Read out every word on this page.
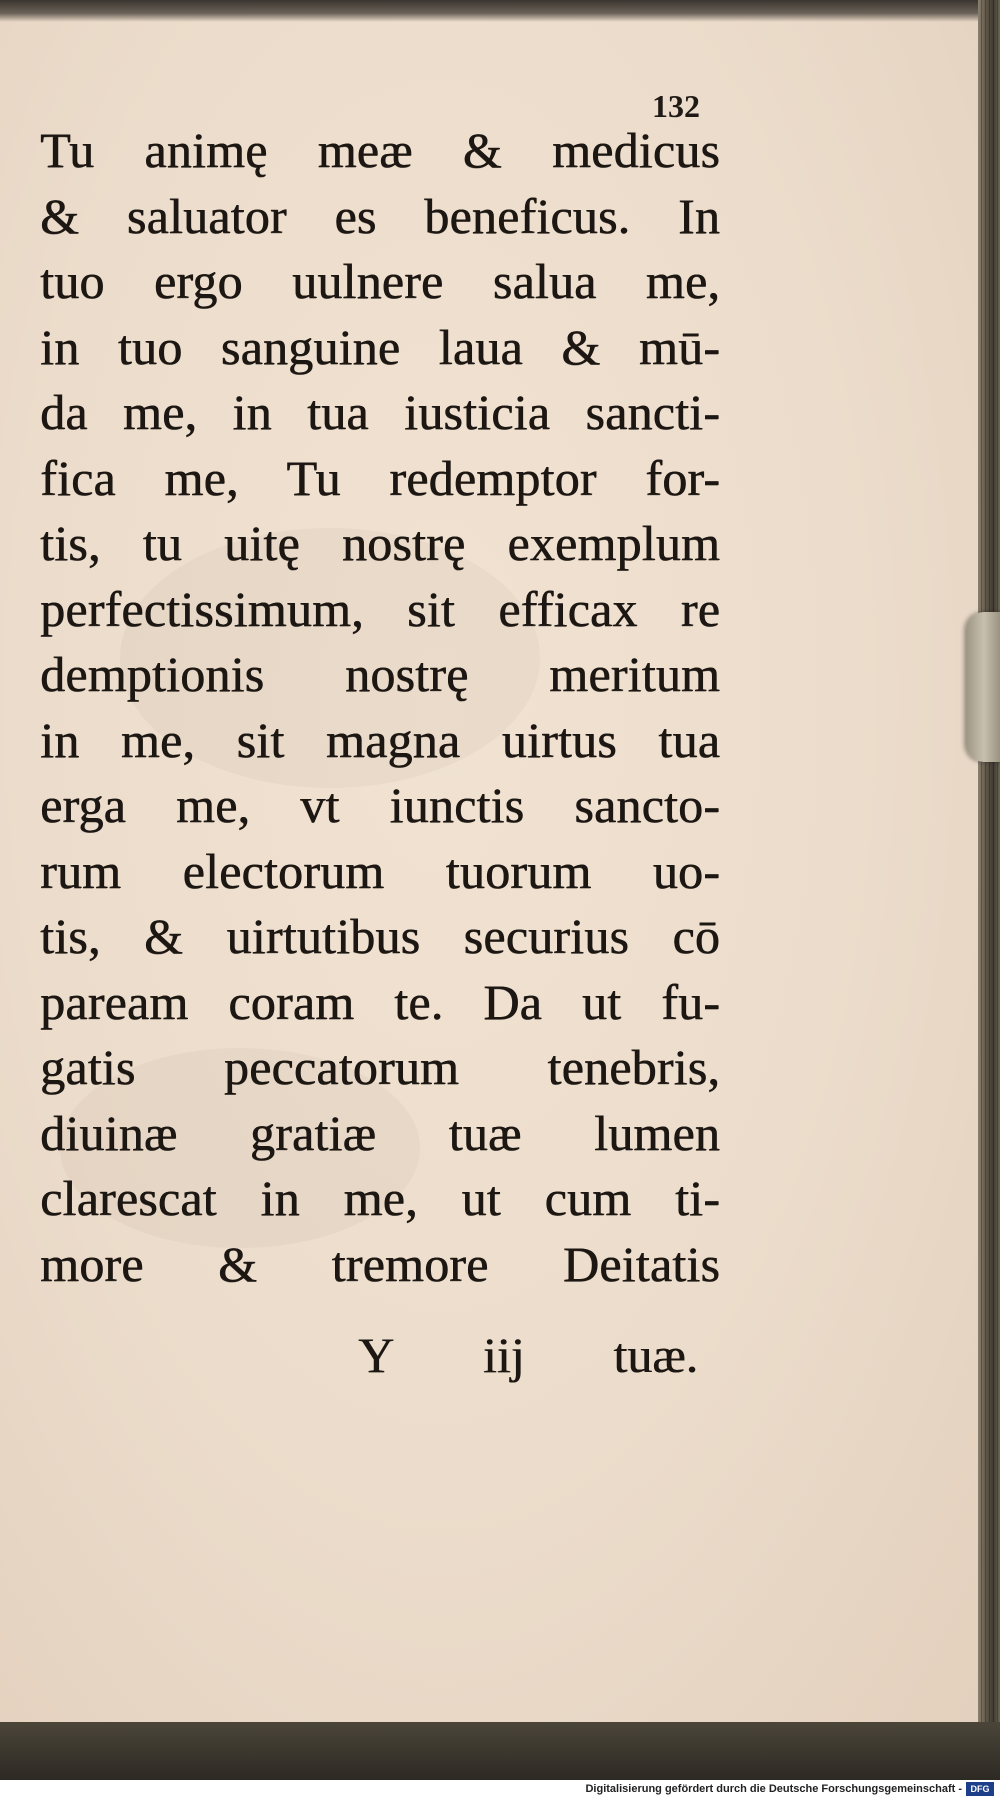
132
Tu animę meæ & medicus
& saluator es beneficus. In
tuo ergo uulnere salua me,
in tuo sanguine laua & mū-
da me, in tua iusticia sancti-
fica me, Tu redemptor for-
tis, tu uitę nostrę exemplum
perfectissimum, sit efficax re
demptionis nostrę meritum
in me, sit magna uirtus tua
erga me, vt iunctis sancto-
rum electorum tuorum uo-
tis, & uirtutibus securius cō
paream coram te. Da ut fu-
gatis peccatorum tenebris,
diuinæ gratiæ tuæ lumen
clarescat in me, ut cum ti-
more & tremore Deitatis
Y iij tuæ.
Digitalisierung gefördert durch die Deutsche Forschungsgemeinschaft - DFG
